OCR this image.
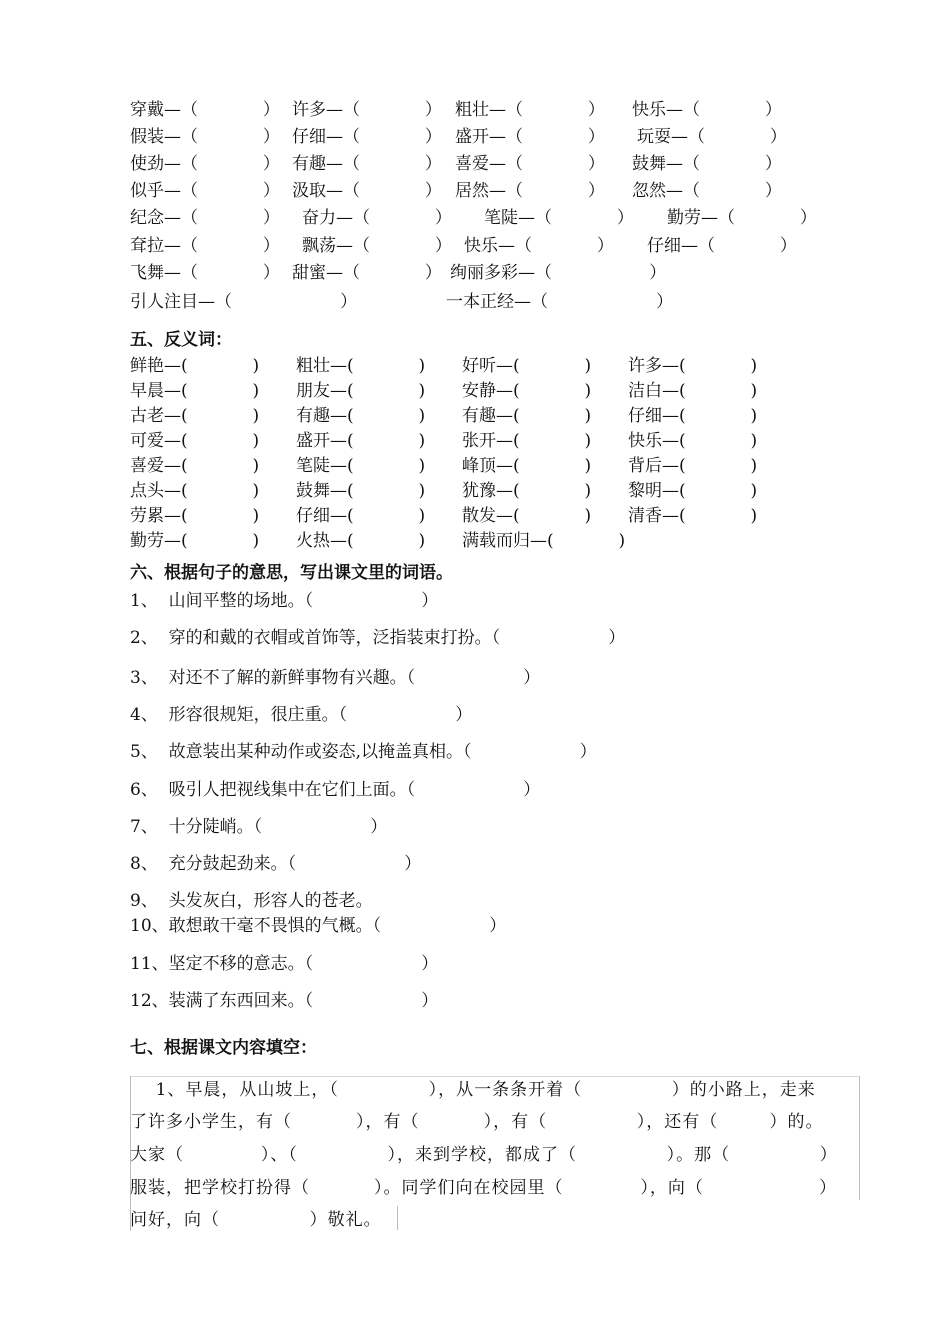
穿戴—（            ） 许多—（            ） 粗壮—（            ） 快乐—（            ）
假装—（            ） 仔细—（            ） 盛开—（            ） 玩耍—（            ）
使劲—（            ） 有趣—（            ） 喜爱—（            ） 鼓舞—（            ）
似乎—（            ） 汲取—（            ） 居然—（            ） 忽然—（            ）
纪念—（            ） 奋力—（            ） 笔陡—（            ） 勤劳—（            ）
耷拉—（            ） 飘荡—（            ） 快乐—（            ） 仔细—（            ）
飞舞—（            ） 甜蜜—（            ） 绚丽多彩—（                  ）
引人注目—（                    ）	一本正经—（                    ）
五、反义词：
鲜艳—(            ) 粗壮—(            ) 好听—(            ) 许多—(            )
早晨—(            ) 朋友—(            ) 安静—(            ) 洁白—(            )
古老—(            ) 有趣—(            ) 有趣—(            ) 仔细—(            )
可爱—(            ) 盛开—(            ) 张开—(            ) 快乐—(            )
喜爱—(            ) 笔陡—(            ) 峰顶—(            ) 背后—(            )
点头—(            ) 鼓舞—(            ) 犹豫—(            ) 黎明—(            )
劳累—(            ) 仔细—(            ) 散发—(            ) 清香—(            )
勤劳—(            ) 火热—(            ) 满载而归—(            )
六、根据句子的意思，写出课文里的词语。
1、  山间平整的场地。（                    ）
2、  穿的和戴的衣帽或首饰等，泛指装束打扮。（                    ）
3、  对还不了解的新鲜事物有兴趣。（                    ）
4、  形容很规矩，很庄重。（                    ）
5、  故意装出某种动作或姿态,以掩盖真相。（                    ）
6、  吸引人把视线集中在它们上面。（                    ）
7、  十分陡峭。（                    ）
8、  充分鼓起劲来。（                    ）
9、  头发灰白，形容人的苍老。
10、敢想敢干毫不畏惧的气概。（                    ）
11、坚定不移的意志。（                    ）
12、装满了东西回来。（                    ）
七、根据课文内容填空：
1、早晨，从山坡上，（              ），从一条条开着（              ）的小路上，走来
了许多小学生，有（          ），有（          ），有（              ），还有（        ）的。
大家（            ）、（              ），来到学校，都成了（              ）。那（              ）
服装，把学校打扮得（          ）。同学们向在校园里（            ），向（                  ）
问好，向（              ）敬礼。
